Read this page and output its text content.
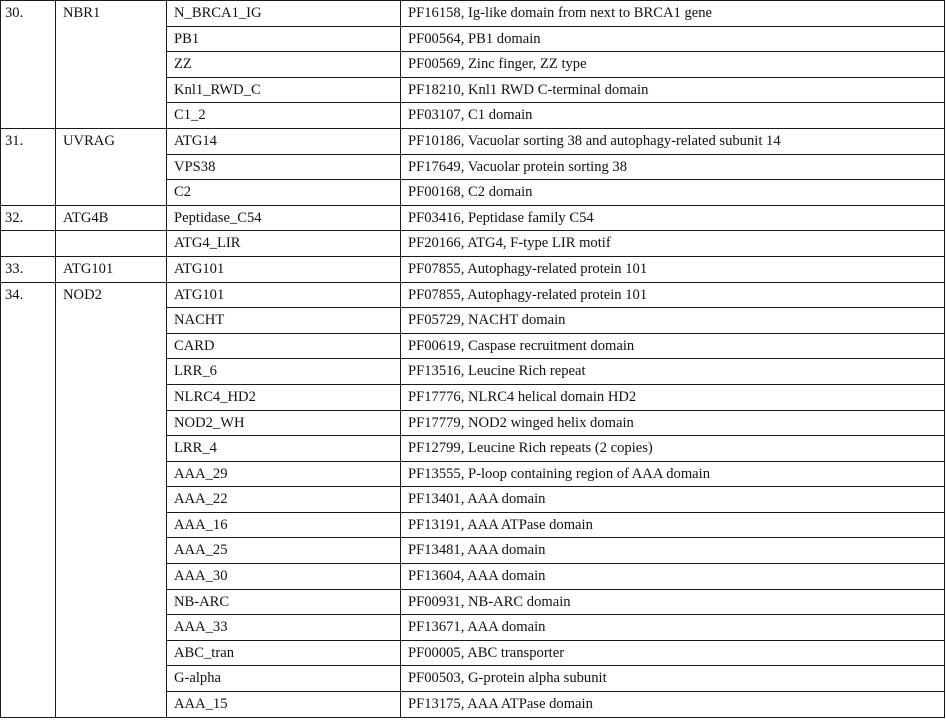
30.	NBR1	N_BRCA1_IG	PF16158, Ig-like domain from next to BRCA1 gene
		PB1	PF00564, PB1 domain
		ZZ	PF00569, Zinc finger, ZZ type
		Knl1_RWD_C	PF18210, Knl1 RWD C-terminal domain
		C1_2	PF03107, C1 domain
31.	UVRAG	ATG14	PF10186, Vacuolar sorting 38 and autophagy-related subunit 14
		VPS38	PF17649, Vacuolar protein sorting 38
		C2	PF00168, C2 domain
32.	ATG4B	Peptidase_C54	PF03416, Peptidase family C54
		ATG4_LIR	PF20166, ATG4, F-type LIR motif
33.	ATG101	ATG101	PF07855, Autophagy-related protein 101
34.	NOD2	ATG101	PF07855, Autophagy-related protein 101
		NACHT	PF05729, NACHT domain
		CARD	PF00619, Caspase recruitment domain
		LRR_6	PF13516, Leucine Rich repeat
		NLRC4_HD2	PF17776, NLRC4 helical domain HD2
		NOD2_WH	PF17779, NOD2 winged helix domain
		LRR_4	PF12799, Leucine Rich repeats (2 copies)
		AAA_29	PF13555, P-loop containing region of AAA domain
		AAA_22	PF13401, AAA domain
		AAA_16	PF13191, AAA ATPase domain
		AAA_25	PF13481, AAA domain
		AAA_30	PF13604, AAA domain
		NB-ARC	PF00931, NB-ARC domain
		AAA_33	PF13671, AAA domain
		ABC_tran	PF00005, ABC transporter
		G-alpha	PF00503, G-protein alpha subunit
		AAA_15	PF13175, AAA ATPase domain
